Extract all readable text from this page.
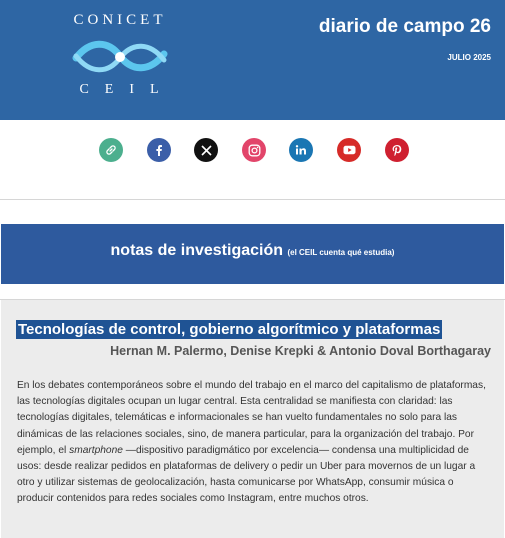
CONICET
CEIL
diario de campo 26
JULIO 2025
notas de investigación (el CEIL cuenta qué estudia)
Tecnologías de control, gobierno algorítmico y plataformas
Hernan M. Palermo, Denise Krepki & Antonio Doval Borthagaray

En los debates contemporáneos sobre el mundo del trabajo en el marco del capitalismo de plataformas, las tecnologías digitales ocupan un lugar central. Esta centralidad se manifiesta con claridad: las tecnologías digitales, telemáticas e informacionales se han vuelto fundamentales no solo para las dinámicas de las relaciones sociales, sino, de manera particular, para la organización del trabajo. Por ejemplo, el smartphone —dispositivo paradigmático por excelencia— condensa una multiplicidad de usos: desde realizar pedidos en plataformas de delivery o pedir un Uber para movernos de un lugar a otro y utilizar sistemas de geolocalización, hasta comunicarse por WhatsApp, consumir música o producir contenidos para redes sociales como Instagram, entre muchos otros.
